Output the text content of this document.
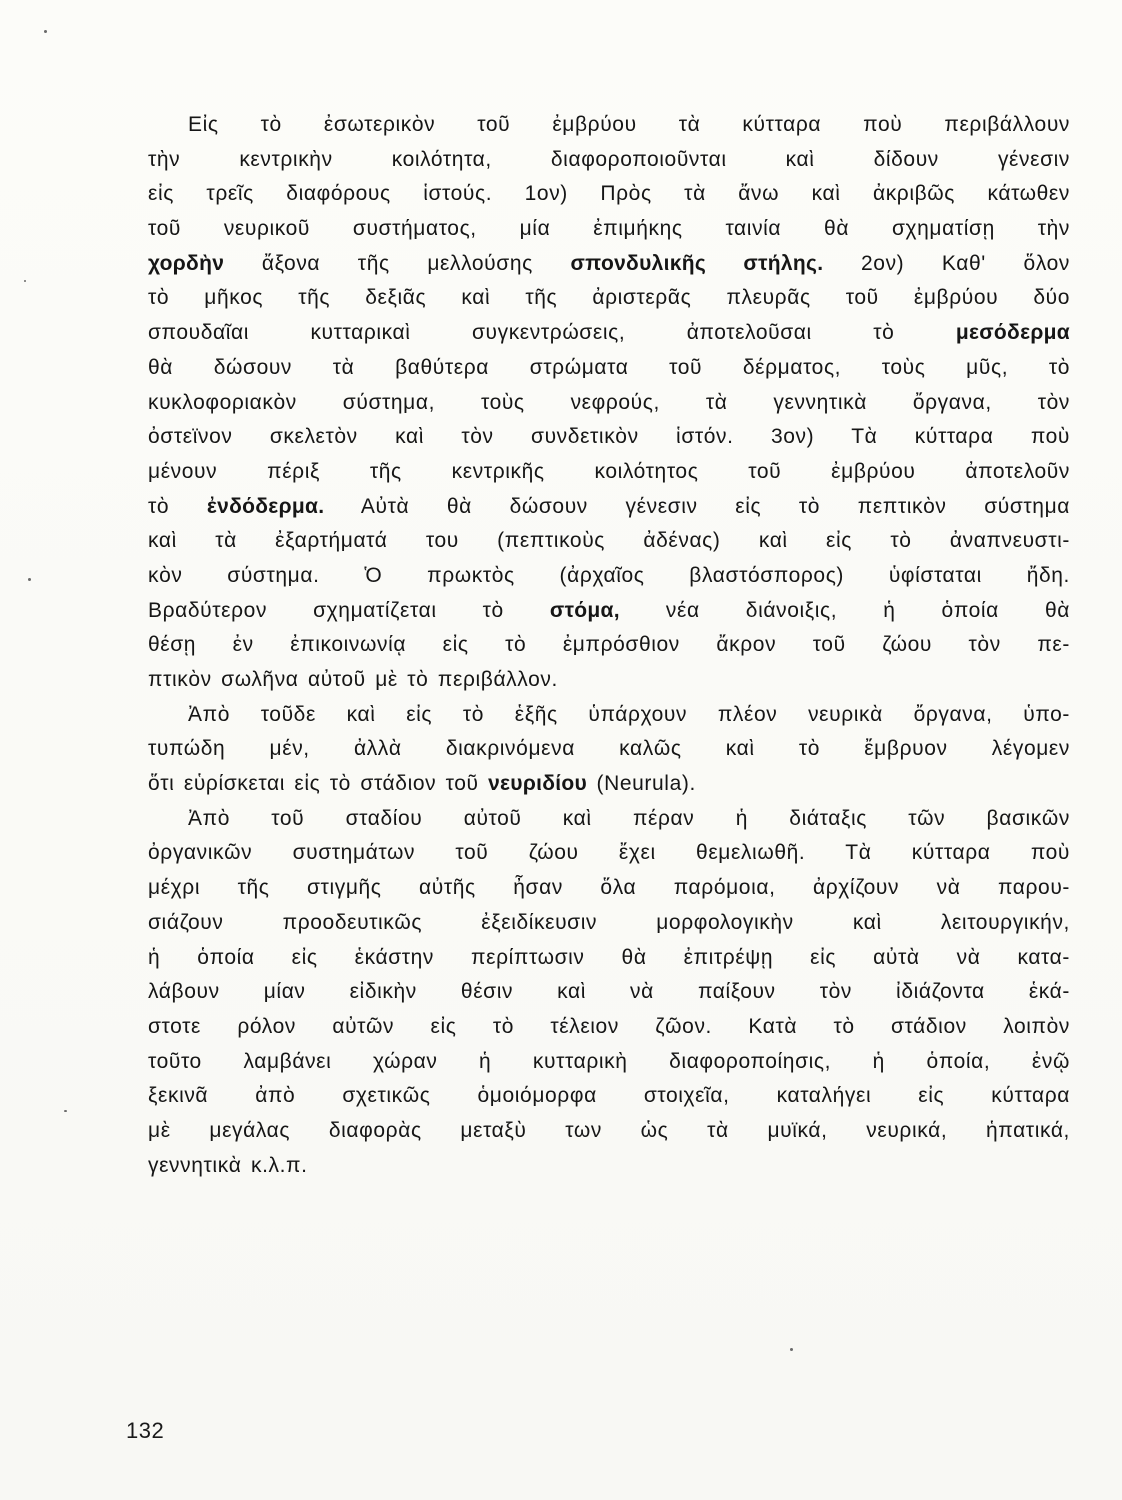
Εἰς τὸ ἐσωτερικὸν τοῦ ἐμβρύου τὰ κύτταρα ποὺ περιβάλλουν
τὴν κεντρικὴν κοιλότητα, διαφοροποιοῦνται καὶ δίδουν γένεσιν
εἰς τρεῖς διαφόρους ἱστούς. 1ον) Πρὸς τὰ ἄνω καὶ ἀκριβῶς κάτωθεν
τοῦ νευρικοῦ συστήματος, μία ἐπιμήκης ταινία θὰ σχηματίσῃ τὴν
χορδὴν ἄξονα τῆς μελλούσης σπονδυλικῆς στήλης. 2ον) Καθ' ὅλον
τὸ μῆκος τῆς δεξιᾶς καὶ τῆς ἀριστερᾶς πλευρᾶς τοῦ ἐμβρύου δύο
σπουδαῖαι κυτταρικαὶ συγκεντρώσεις, ἀποτελοῦσαι τὸ μεσόδερμα
θὰ δώσουν τὰ βαθύτερα στρώματα τοῦ δέρματος, τοὺς μῦς, τὸ
κυκλοφοριακὸν σύστημα, τοὺς νεφρούς, τὰ γεννητικὰ ὄργανα, τὸν
ὀστεϊνον σκελετὸν καὶ τὸν συνδετικὸν ἱστόν. 3ον) Τὰ κύτταρα ποὺ
μένουν πέριξ τῆς κεντρικῆς κοιλότητος τοῦ ἐμβρύου ἀποτελοῦν
τὸ ἐνδόδερμα. Αὐτὰ θὰ δώσουν γένεσιν εἰς τὸ πεπτικὸν σύστημα
καὶ τὰ ἐξαρτήματά του (πεπτικοὺς ἀδένας) καὶ εἰς τὸ ἀναπνευστι-
κὸν σύστημα. Ὁ πρωκτὸς (ἀρχαῖος βλαστόσπορος) ὑφίσταται ἤδη.
Βραδύτερον σχηματίζεται τὸ στόμα, νέα διάνοιξις, ἡ ὁποία θὰ
θέσῃ ἐν ἐπικοινωνίᾳ εἰς τὸ ἐμπρόσθιον ἄκρον τοῦ ζώου τὸν πε-
πτικὸν σωλῆνα αὐτοῦ μὲ τὸ περιβάλλον.
Ἀπὸ τοῦδε καὶ εἰς τὸ ἑξῆς ὑπάρχουν πλέον νευρικὰ ὄργανα, ὑπο-
τυπώδη μέν, ἀλλὰ διακρινόμενα καλῶς καὶ τὸ ἔμβρυον λέγομεν
ὅτι εὑρίσκεται εἰς τὸ στάδιον τοῦ νευριδίου (Neurula).
Ἀπὸ τοῦ σταδίου αὐτοῦ καὶ πέραν ἡ διάταξις τῶν βασικῶν
ὀργανικῶν συστημάτων τοῦ ζώου ἔχει θεμελιωθῆ. Τὰ κύτταρα ποὺ
μέχρι τῆς στιγμῆς αὐτῆς ἦσαν ὅλα παρόμοια, ἀρχίζουν νὰ παρου-
σιάζουν προοδευτικῶς ἐξειδίκευσιν μορφολογικὴν καὶ λειτουργικήν,
ἡ ὁποία εἰς ἑκάστην περίπτωσιν θὰ ἐπιτρέψῃ εἰς αὐτὰ νὰ κατα-
λάβουν μίαν εἰδικὴν θέσιν καὶ νὰ παίξουν τὸν ἰδιάζοντα ἑκά-
στοτε ρόλον αὐτῶν εἰς τὸ τέλειον ζῶον. Κατὰ τὸ στάδιον λοιπὸν
τοῦτο λαμβάνει χώραν ἡ κυτταρικὴ διαφοροποίησις, ἡ ὁποία, ἐνῷ
ξεκινᾶ ἀπὸ σχετικῶς ὁμοιόμορφα στοιχεῖα, καταλήγει εἰς κύτταρα
μὲ μεγάλας διαφορὰς μεταξὺ των ὡς τὰ μυϊκά, νευρικά, ἡπατικά,
γεννητικὰ κ.λ.π.
132
